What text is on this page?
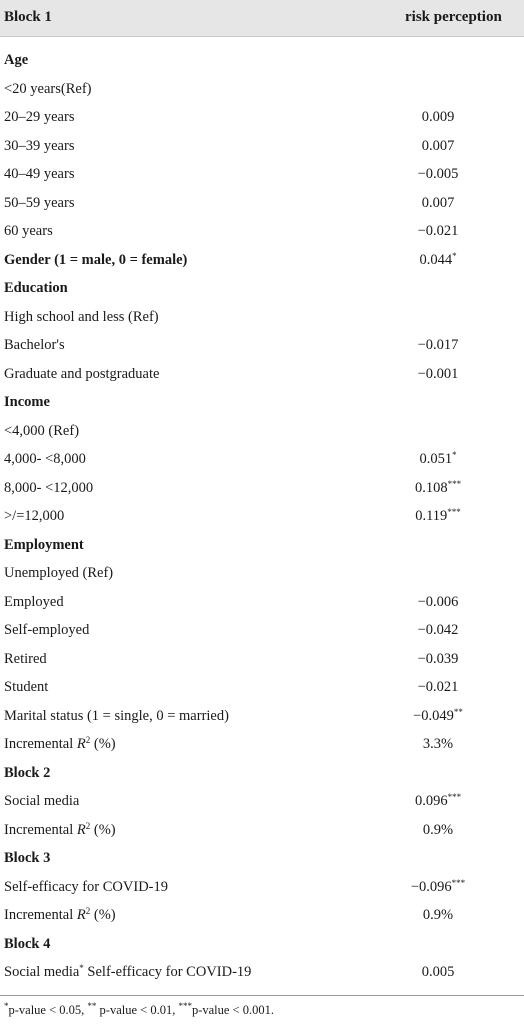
Block 1	risk perception
Age
<20 years(Ref)
20–29 years	0.009
30–39 years	0.007
40–49 years	−0.005
50–59 years	0.007
60 years	−0.021
Gender (1 = male, 0 = female)	0.044*
Education
High school and less (Ref)
Bachelor's	−0.017
Graduate and postgraduate	−0.001
Income
<4,000 (Ref)
4,000- <8,000	0.051*
8,000- <12,000	0.108***
>/=12,000	0.119***
Employment
Unemployed (Ref)
Employed	−0.006
Self-employed	−0.042
Retired	−0.039
Student	−0.021
Marital status (1 = single, 0 = married)	−0.049**
Incremental $R^2$ (%)	3.3%
Block 2
Social media	0.096***
Incremental $R^2$ (%)	0.9%
Block 3
Self-efficacy for COVID-19	−0.096***
Incremental $R^2$ (%)	0.9%
Block 4
Social media* Self-efficacy for COVID-19	0.005
*p-value < 0.05, ** p-value < 0.01, ***p-value < 0.001.
